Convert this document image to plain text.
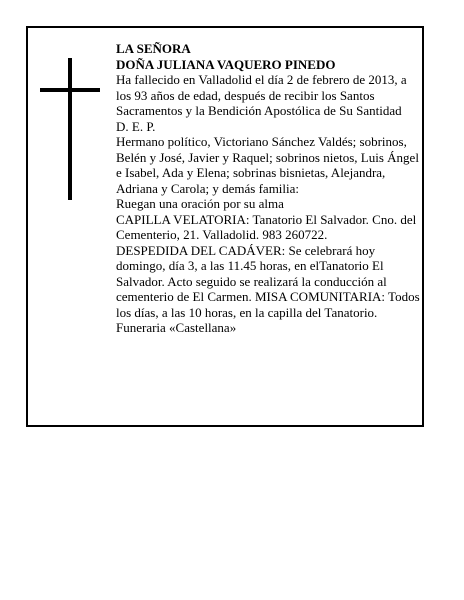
LA SEÑORA

DOÑA JULIANA VAQUERO PINEDO

Ha fallecido en Valladolid el día 2 de febrero de 2013, a los 93 años de edad, después de recibir los Santos Sacramentos y la Bendición Apostólica de Su Santidad

D. E. P.

Hermano político, Victoriano Sánchez Valdés; sobrinos, Belén y José, Javier y Raquel; sobrinos nietos, Luis Ángel e Isabel, Ada y Elena; sobrinas bisnietas, Alejandra, Adriana y Carola; y demás familia:

Ruegan una oración por su alma

CAPILLA VELATORIA: Tanatorio El Salvador. Cno. del Cementerio, 21. Valladolid. 983 260722.

DESPEDIDA DEL CADÁVER: Se celebrará hoy domingo, día 3, a las 11.45 horas, en elTanatorio El Salvador. Acto seguido se realizará la conducción al cementerio de El Carmen. MISA COMUNITARIA: Todos los días, a las 10 horas, en la capilla del Tanatorio.

Funeraria «Castellana»
